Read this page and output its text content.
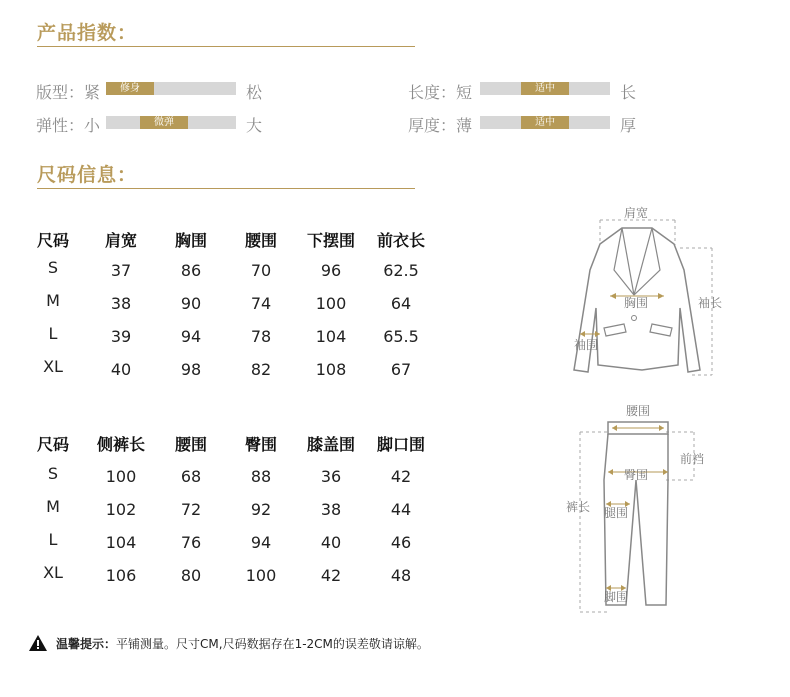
产品指数：
版型：紧	修身	松
弹性：小	微弹	大
长度：短	适中	长
厚度：薄	适中	厚
尺码信息：
尺码	肩宽	胸围	腰围	下摆围	前衣长
S	37	86	70	96	62.5
M	38	90	74	100	64
L	39	94	78	104	65.5
XL	40	98	82	108	67
尺码	侧裤长	腰围	臀围	膝盖围	脚口围
S	100	68	88	36	42
M	102	72	92	38	44
L	104	76	94	40	46
XL	106	80	100	42	48
肩宽
胸围	袖长
袖围
腰围
前裆
臀围
裤长 腿围
脚围
温馨提示： 平铺测量。尺寸CM,尺码数据存在1-2CM的误差敬请谅解。
